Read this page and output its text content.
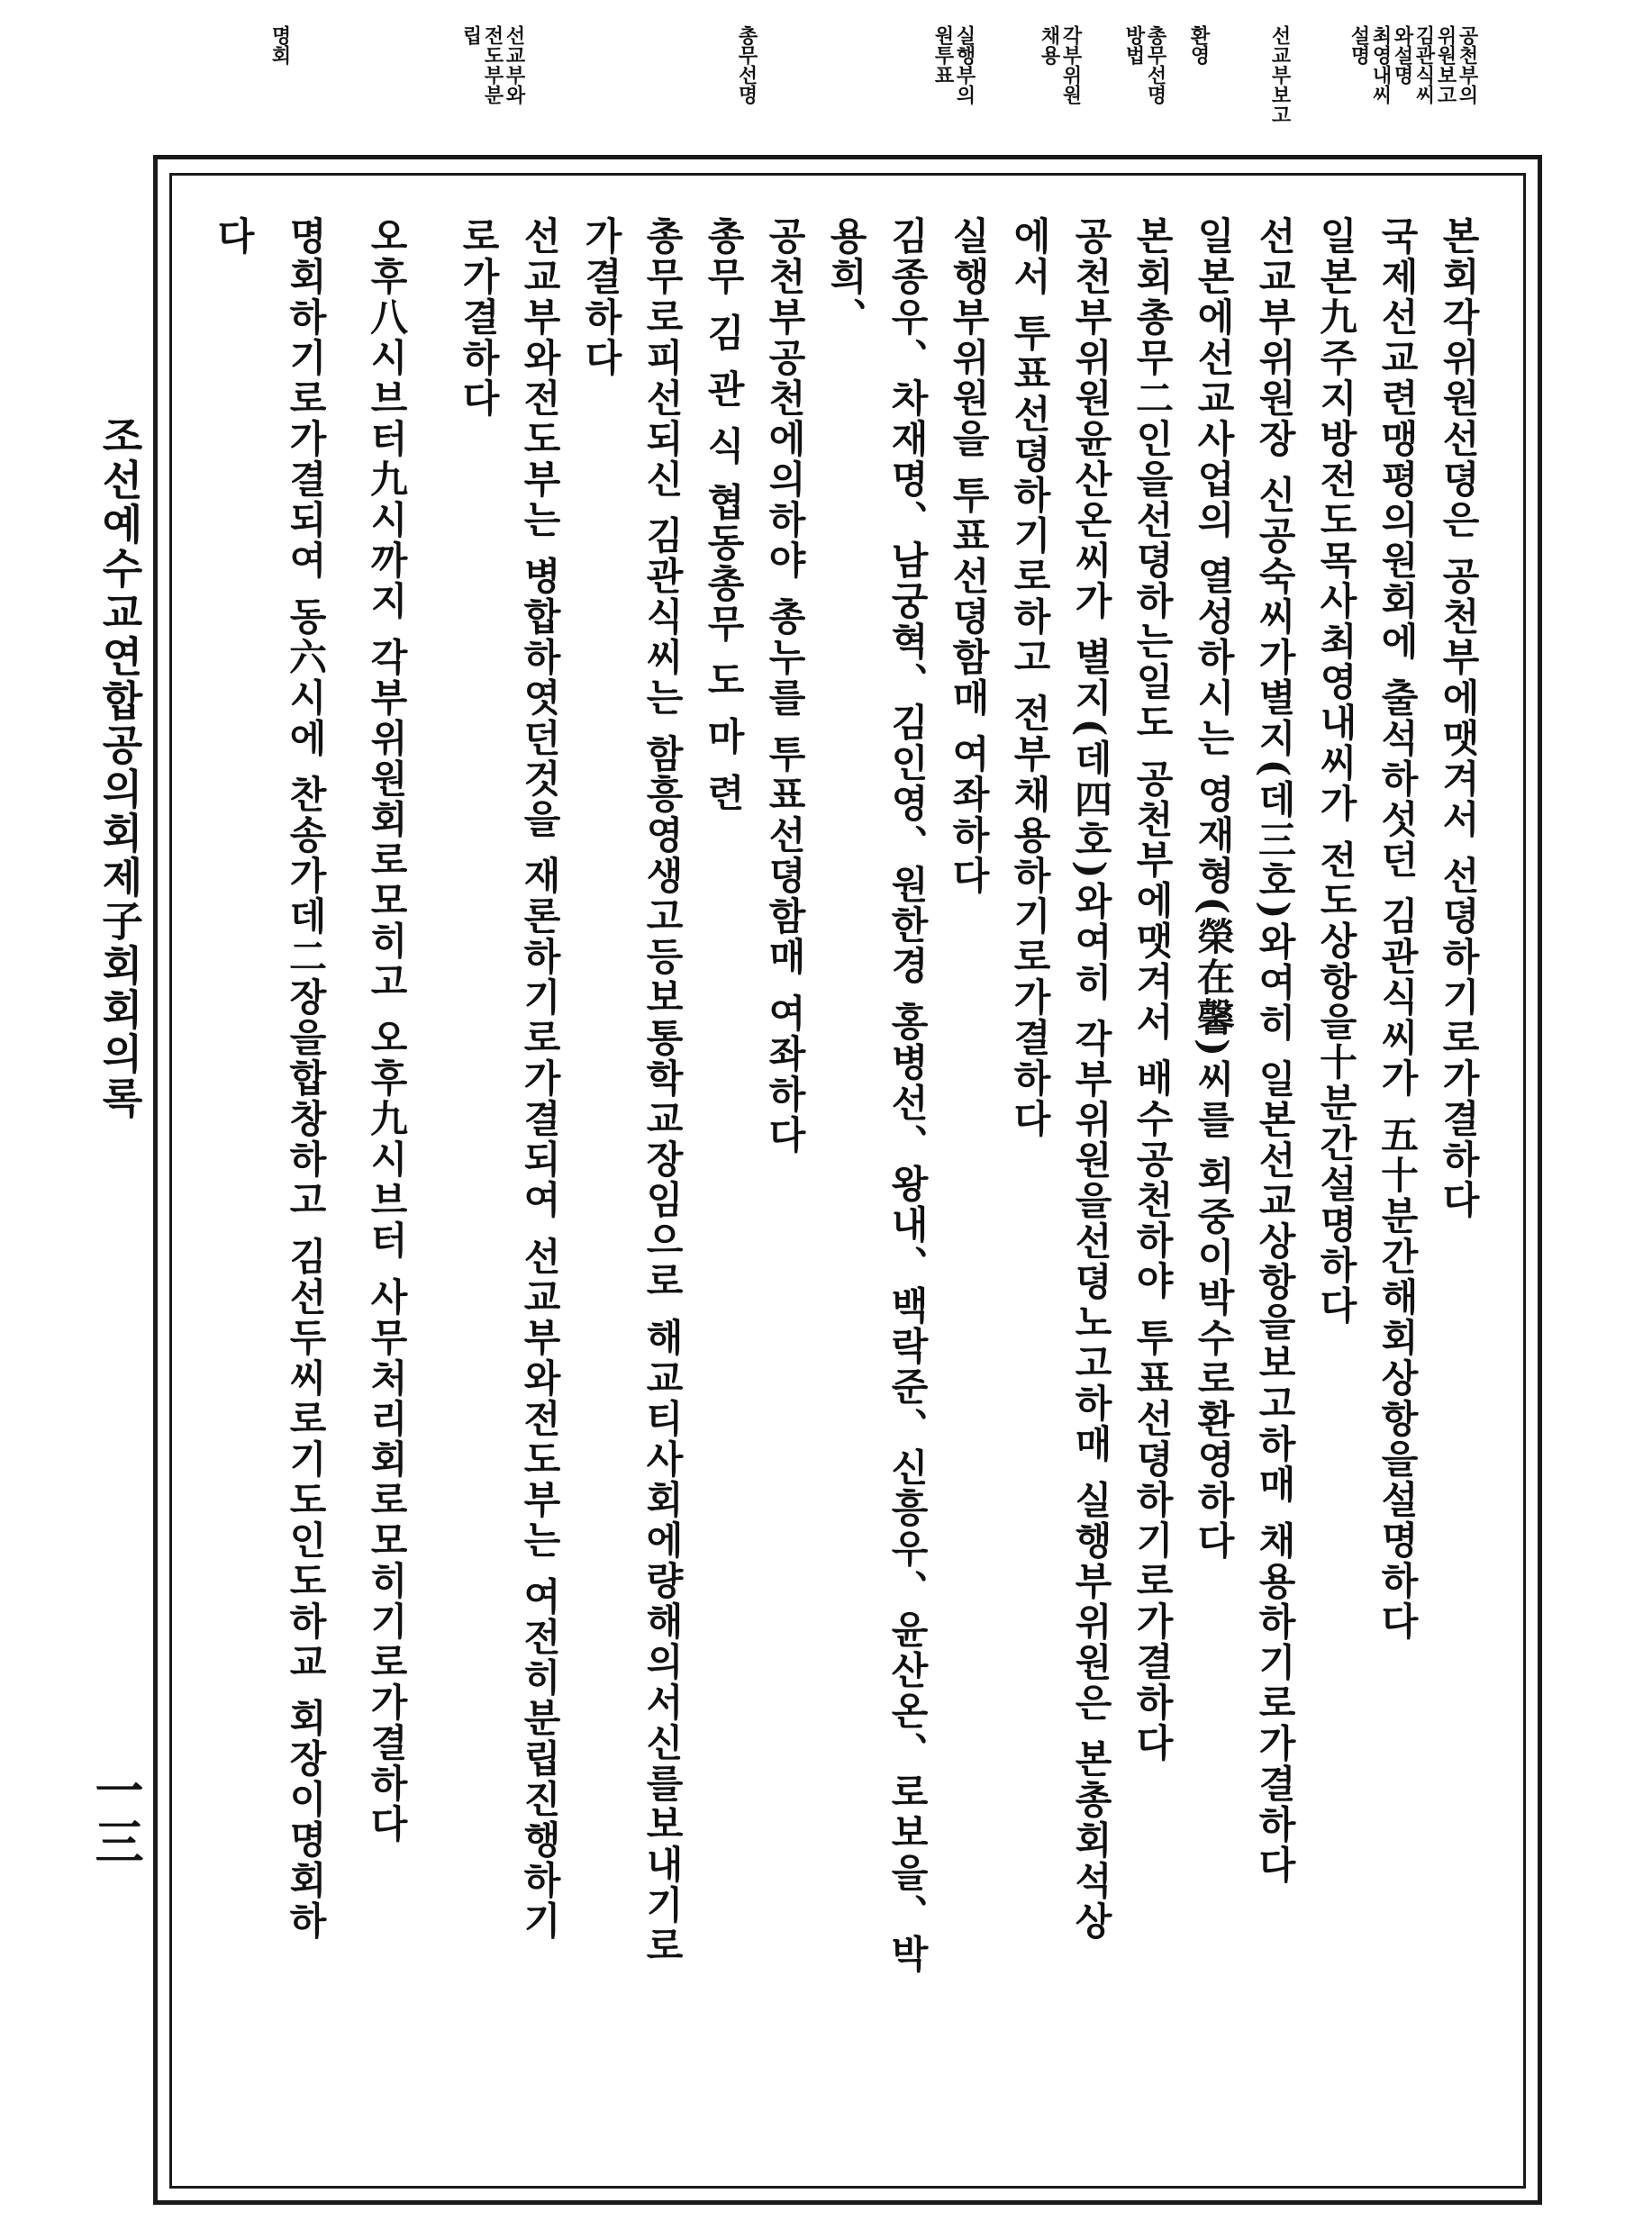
공천부의
위원보고
김관식씨
와설명
최영내씨
설명
선교부보고
환영
총무선명
방법
각부위원
채용
실행부의
원투표
총무선명
선교부와
전도부분
립
명회
본회각위원선뎡은 공천부에맷겨서 선뎡하기로가결하다
국제선교련맹평의원회에 출석하섯던 김관식씨가 五十분간해회상항을설명하다
일본九주지방전도목사최영내씨가 전도상항을十분간설명하다
선교부위원장 신공숙씨가별지(데三호)와여히 일본선교상항을보고하매 채용하기로가결하다
일본에선교사업의 열성하시는 영재형(榮在馨)씨를 회중이박수로환영하다
본회총무二인을선뎡하는일도 공천부에맷겨서 배수공천하야 투표선뎡하기로가결하다
공천부위원윤산온씨가 별지(데四호)와여히 각부위원을선뎡노고하매 실행부위원은 본총회석상
에서 투표선뎡하기로하고 전부채용하기로가결하다
실행부위원을 투표선뎡함매 여좌하다
김종우、차재명、남궁혁、김인영、원한경 홍병선、왕내、백락준、신흥우、윤산온、로보을、박
용희、
공천부공천에의하야 총누를 투표선뎡함매 여좌하다
총무 김 관 식 협동총무 도 마 련
총무로피선되신 김관식씨는 함흥영생고등보통학교장임으로 해교티사회에량해의서신를보내기로
가결하다
선교부와전도부는 병합하엿던것을 재론하기로가결되여 선교부와전도부는 여전히분립진행하기
로가결하다
오후八시브터九시까지 각부위원회로모히고 오후九시브터 사무처리회로모히기로가결하다
명회하기로가결되여 동六시에 찬송가데二장을합창하고 김선두씨로기도인도하교 회장이명회하
다
조선예수교연합공의회제子회회의록
一三
